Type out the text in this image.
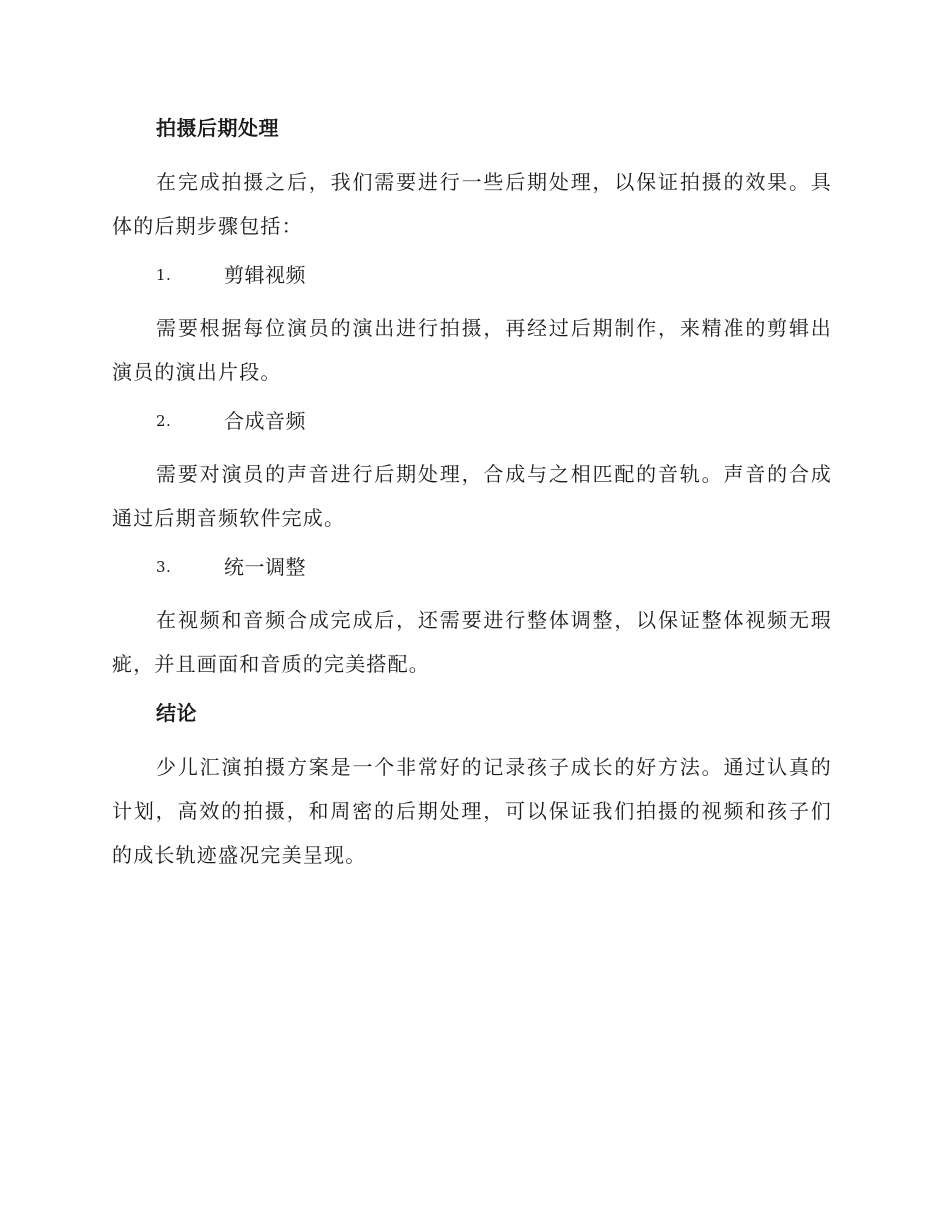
拍摄后期处理

在完成拍摄之后，我们需要进行一些后期处理，以保证拍摄的效果。具体的后期步骤包括：

1.	剪辑视频

需要根据每位演员的演出进行拍摄，再经过后期制作，来精准的剪辑出演员的演出片段。

2.	合成音频

需要对演员的声音进行后期处理，合成与之相匹配的音轨。声音的合成通过后期音频软件完成。

3.	统一调整

在视频和音频合成完成后，还需要进行整体调整，以保证整体视频无瑕疵，并且画面和音质的完美搭配。

结论

少儿汇演拍摄方案是一个非常好的记录孩子成长的好方法。通过认真的计划，高效的拍摄，和周密的后期处理，可以保证我们拍摄的视频和孩子们的成长轨迹盛况完美呈现。
